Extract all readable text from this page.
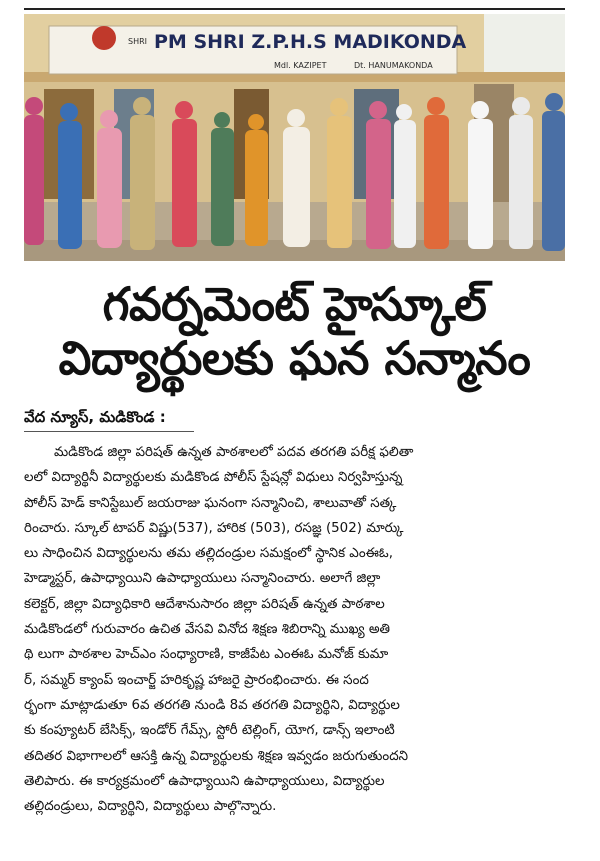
SHRI PM SHRI Z.P.H.S MADIKONDA
Mdl. KAZIPET	Dt. HANUMAKONDA
గవర్నమెంట్ హైస్కూల్
విద్యార్థులకు ఘన సన్మానం
వేద న్యూస్, మడికొండ :
మడికొండ జిల్లా పరిషత్ ఉన్నత పాఠశాలలో పదవ తరగతి పరీక్ష ఫలితా
లలో విద్యార్థినీ విద్యార్థులకు మడికొండ పోలీస్ స్టేషన్లో విధులు నిర్వహిస్తున్న
పోలీస్ హెడ్ కానిస్టేబుల్ జయరాజు ఘనంగా సన్మానించి, శాలువాతో సత్క
రించారు. స్కూల్ టాపర్ విష్ణు(537), హారిక (503), రసజ్ఞ (502) మార్కు
లు సాధించిన విద్యార్థులను తమ తల్లిదండ్రుల సమక్షంలో స్థానిక ఎంఈఓ,
హెడ్మాస్టర్, ఉపాధ్యాయిని ఉపాధ్యాయులు సన్మానించారు. అలాగే జిల్లా
కలెక్టర్, జిల్లా విద్యాధికారి ఆదేశానుసారం జిల్లా పరిషత్ ఉన్నత పాఠశాల
మడికొండలో గురువారం ఉచిత వేసవి వినోద శిక్షణ శిబిరాన్ని ముఖ్య అతి
థి లుగా పాఠశాల హెచ్ఎం సంధ్యారాణి, కాజీపేట ఎంఈఓ మనోజ్ కుమా
ర్, సమ్మర్ క్యాంప్ ఇంచార్జ్ హరికృష్ణ హాజరై ప్రారంభించారు. ఈ సంద
ర్భంగా మాట్లాడుతూ 6వ తరగతి నుండి 8వ తరగతి విద్యార్థిని, విద్యార్థుల
కు కంప్యూటర్ బేసిక్స్, ఇండోర్ గేమ్స్, స్టోరీ టెల్లింగ్, యోగ, డాన్స్ ఇలాంటి
తదితర విభాగాలలో ఆసక్తి ఉన్న విద్యార్థులకు శిక్షణ ఇవ్వడం జరుగుతుందని
తెలిపారు. ఈ కార్యక్రమంలో ఉపాధ్యాయిని ఉపాధ్యాయులు, విద్యార్థుల
తల్లిదండ్రులు, విద్యార్థిని, విద్యార్థులు పాల్గొన్నారు.
